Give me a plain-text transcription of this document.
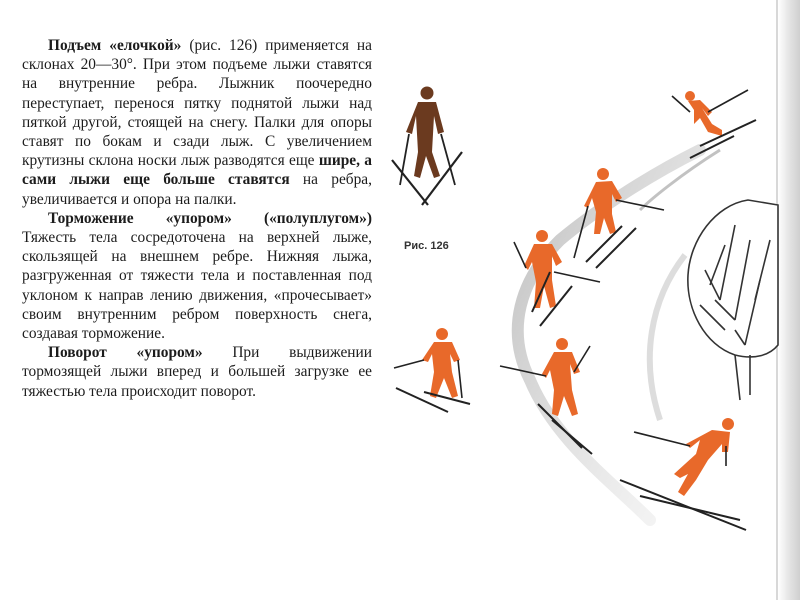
Подъем «елочкой» (рис. 126) применяется на склонах 20—30°. При этом подъеме лыжи ставятся на внутренние ребра. Лыжник поочередно переступает, перенося пятку поднятой лыжи над пяткой другой, стоящей на снегу. Палки для опоры ставят по бокам и сзади лыж. С увеличением крутизны склона носки лыж разводятся еще шире, а сами лыжи еще больше ставятся на ребра, увеличивается и опора на палки.

Торможение «упором» («полуплугом») Тяжесть тела сосредоточена на верхней лыже, скользящей на внешнем ребре. Нижняя лыжа, разгруженная от тяжести тела и поставленная под уклоном к направ лению движения, «прочесывает» своим внутренним ребром поверхность снега, создавая торможение.

Поворот «упором» При выдвижении тормозящей лыжи вперед и большей загрузке ее тяжестью тела происходит поворот.

Рис. 126
